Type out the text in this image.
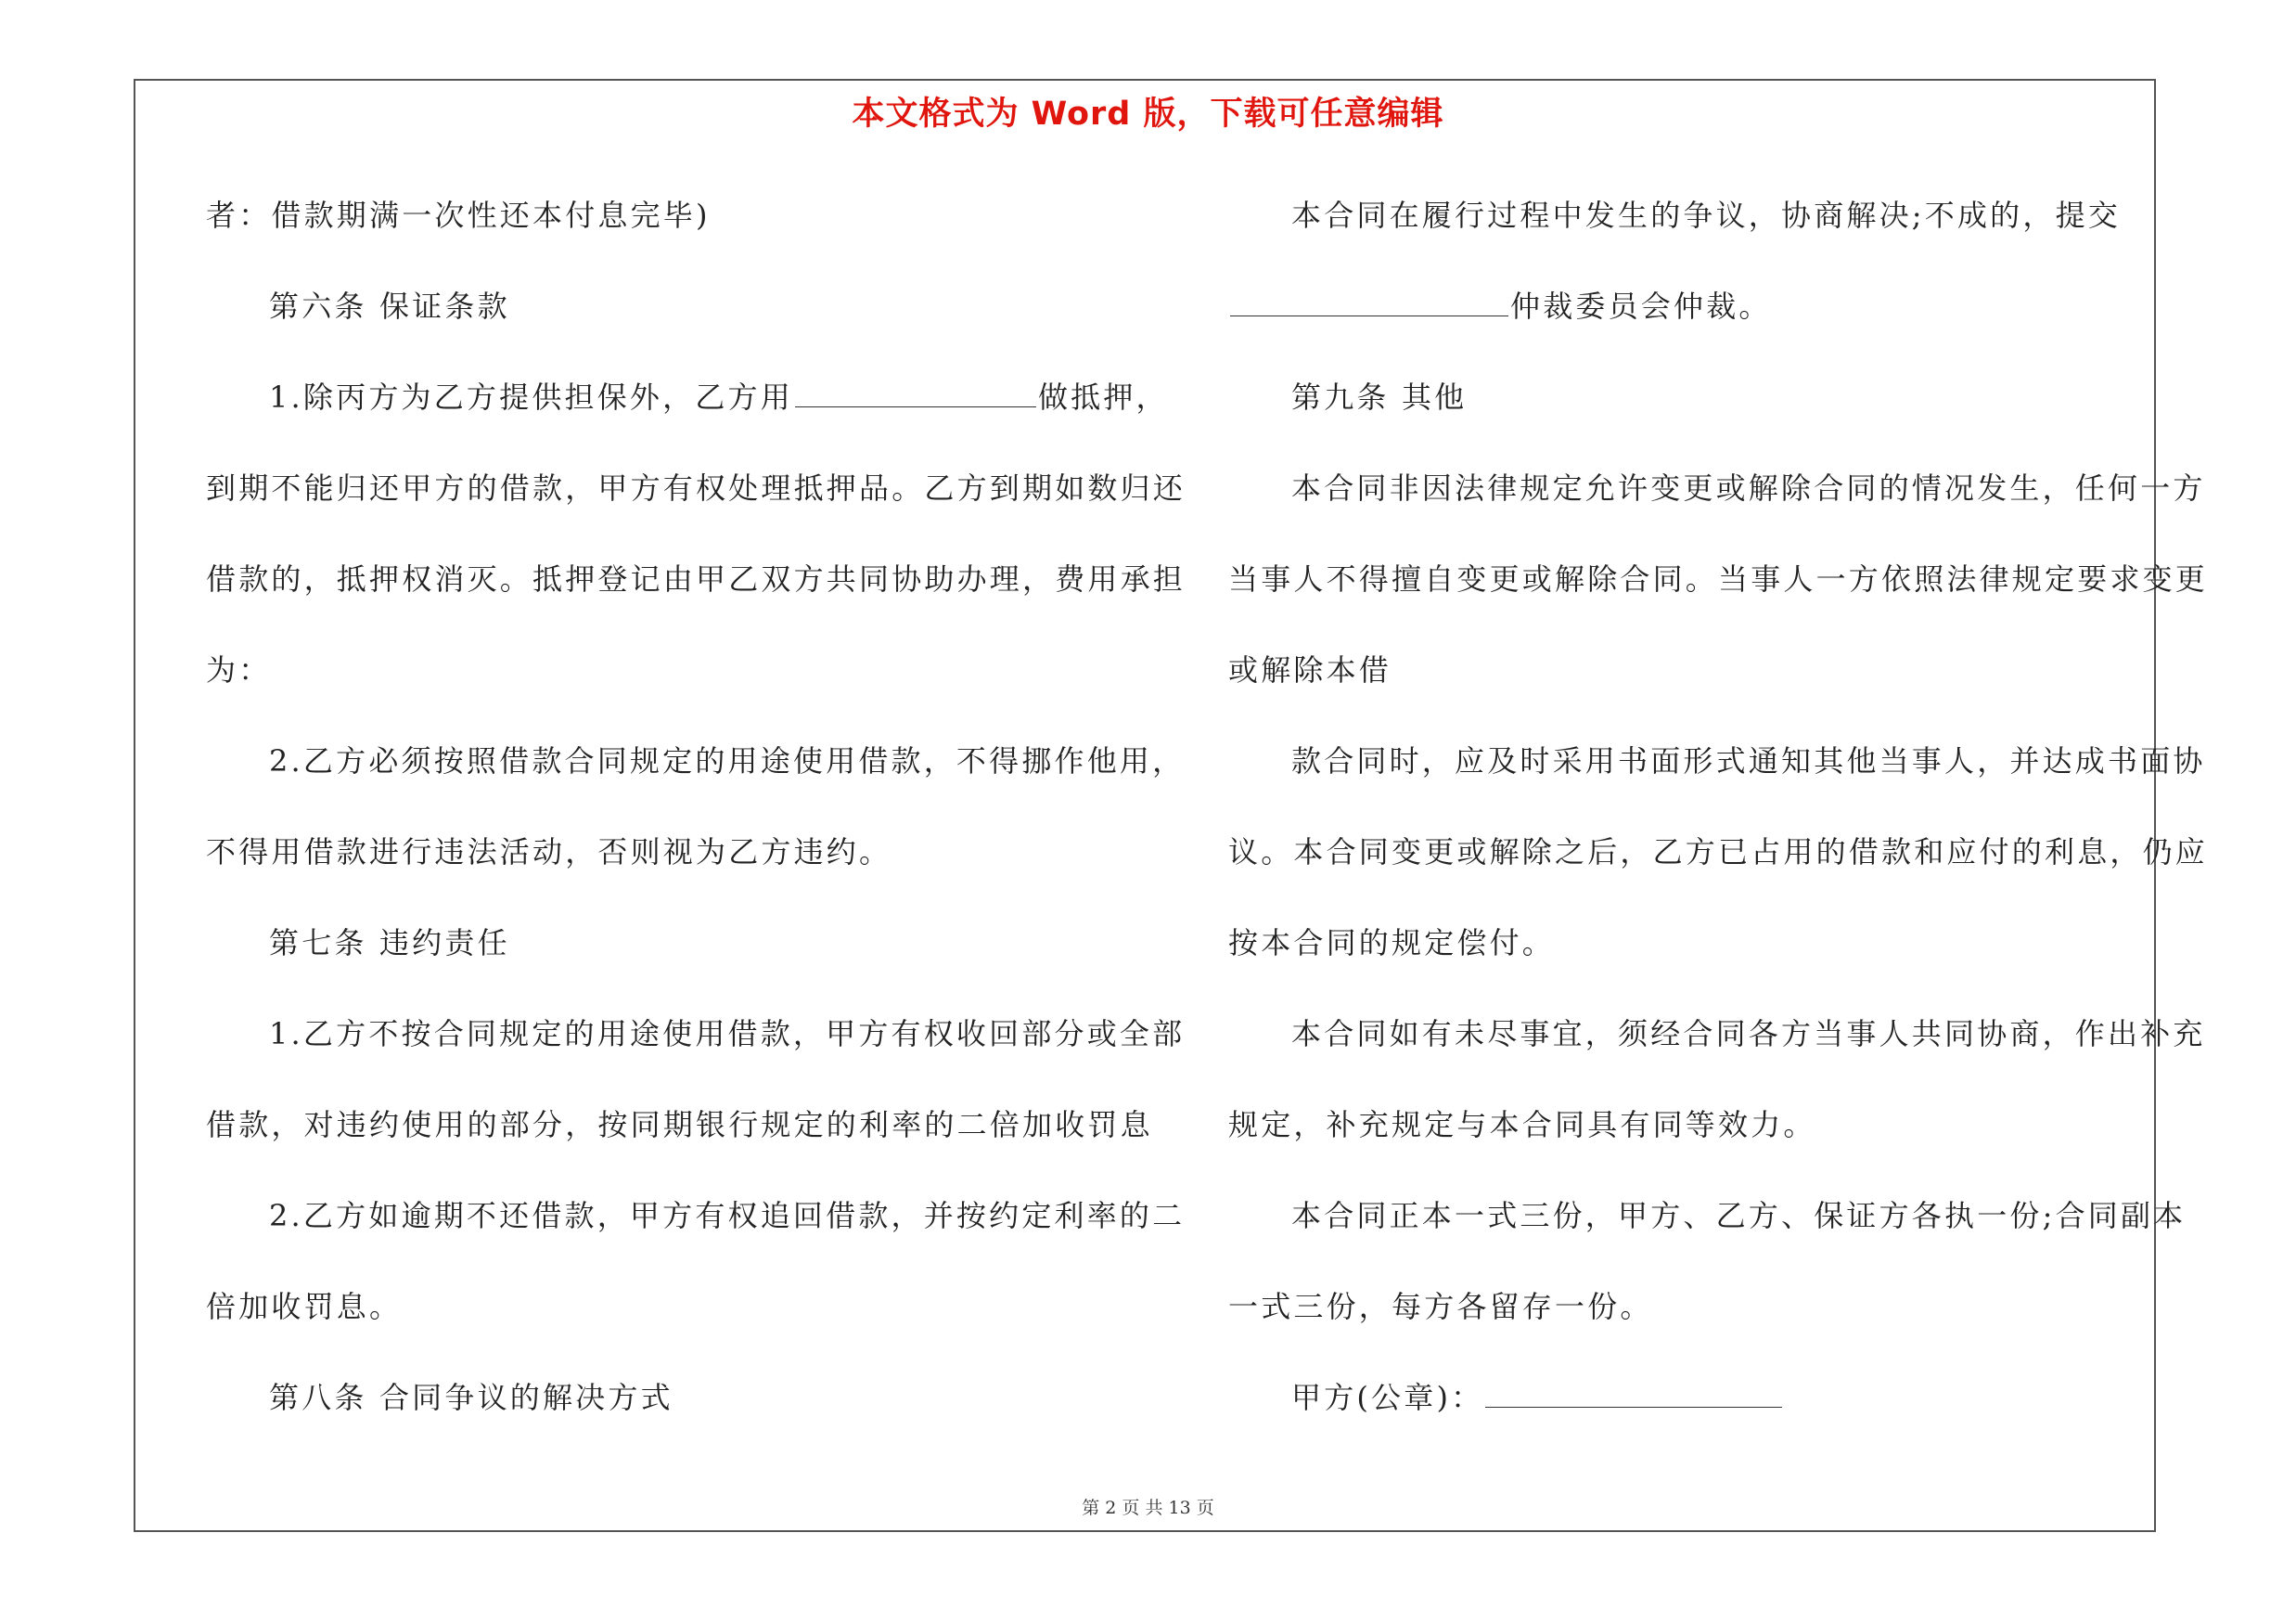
本文格式为 Word 版，下载可任意编辑
者：借款期满一次性还本付息完毕)
第六条 保证条款
1.除丙方为乙方提供担保外，乙方用	做抵押，
到期不能归还甲方的借款，甲方有权处理抵押品。乙方到期如数归还
借款的，抵押权消灭。抵押登记由甲乙双方共同协助办理，费用承担
为：
2.乙方必须按照借款合同规定的用途使用借款，不得挪作他用，
不得用借款进行违法活动，否则视为乙方违约。
第七条 违约责任
1.乙方不按合同规定的用途使用借款，甲方有权收回部分或全部
借款，对违约使用的部分，按同期银行规定的利率的二倍加收罚息
2.乙方如逾期不还借款，甲方有权追回借款，并按约定利率的二
倍加收罚息。
第八条 合同争议的解决方式
本合同在履行过程中发生的争议，协商解决;不成的，提交
仲裁委员会仲裁。
第九条 其他
本合同非因法律规定允许变更或解除合同的情况发生，任何一方
当事人不得擅自变更或解除合同。当事人一方依照法律规定要求变更
或解除本借
款合同时，应及时采用书面形式通知其他当事人，并达成书面协
议。本合同变更或解除之后，乙方已占用的借款和应付的利息，仍应
按本合同的规定偿付。
本合同如有未尽事宜，须经合同各方当事人共同协商，作出补充
规定，补充规定与本合同具有同等效力。
本合同正本一式三份，甲方、乙方、保证方各执一份;合同副本
一式三份，每方各留存一份。
甲方(公章)：
第 2 页 共 13 页
